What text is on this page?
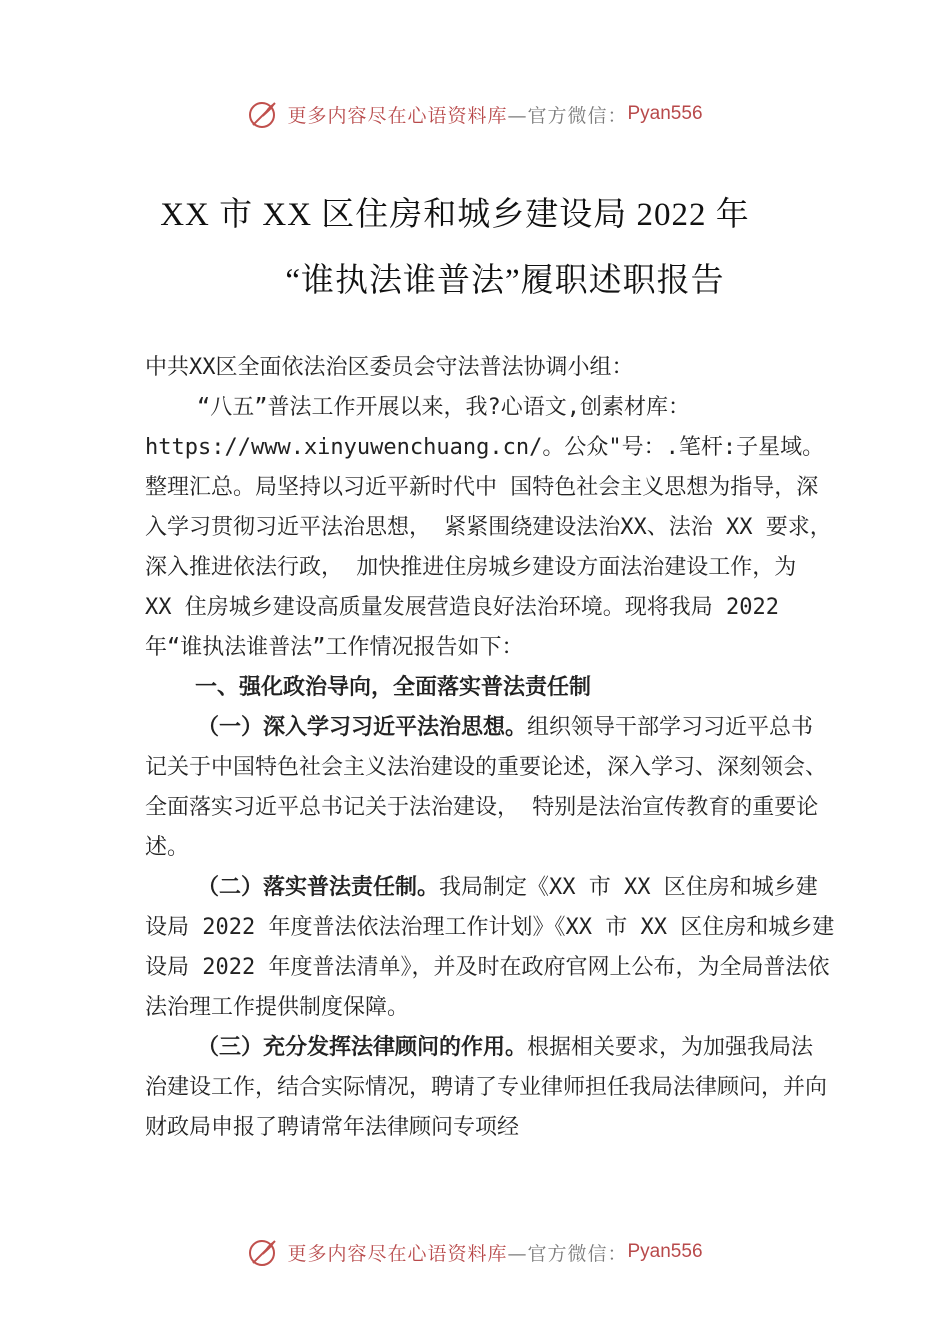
更多内容尽在心语资料库 —官方微信： Pyan556
XX 市 XX 区住房和城乡建设局 2022 年
“谁执法谁普法”履职述职报告

中共XX区全面依法治区委员会守法普法协调小组：

“八五”普法工作开展以来，我?心语文,创素材库：https://www.xinyuwenchuang.cn/。公众"号：.笔杆:子星域。整理汇总。局坚持以习近平新时代中 国特色社会主义思想为指导，深入学习贯彻习近平法治思想， 紧紧围绕建设法治XX、法治 XX 要求，深入推进依法行政， 加快推进住房城乡建设方面法治建设工作，为 XX 住房城乡建设高质量发展营造良好法治环境。现将我局 2022 年“谁执法谁普法”工作情况报告如下：

一、强化政治导向，全面落实普法责任制

（一）深入学习习近平法治思想。组织领导干部学习习近平总书记关于中国特色社会主义法治建设的重要论述，深入学习、深刻领会、全面落实习近平总书记关于法治建设， 特别是法治宣传教育的重要论述。

（二）落实普法责任制。我局制定《XX 市 XX 区住房和城乡建设局 2022 年度普法依法治理工作计划》《XX 市 XX 区住房和城乡建设局 2022 年度普法清单》，并及时在政府官网上公布，为全局普法依法治理工作提供制度保障。

（三）充分发挥法律顾问的作用。根据相关要求，为加强我局法治建设工作，结合实际情况，聘请了专业律师担任我局法律顾问，并向财政局申报了聘请常年法律顾问专项经

更多内容尽在心语资料库 —官方微信： Pyan556
